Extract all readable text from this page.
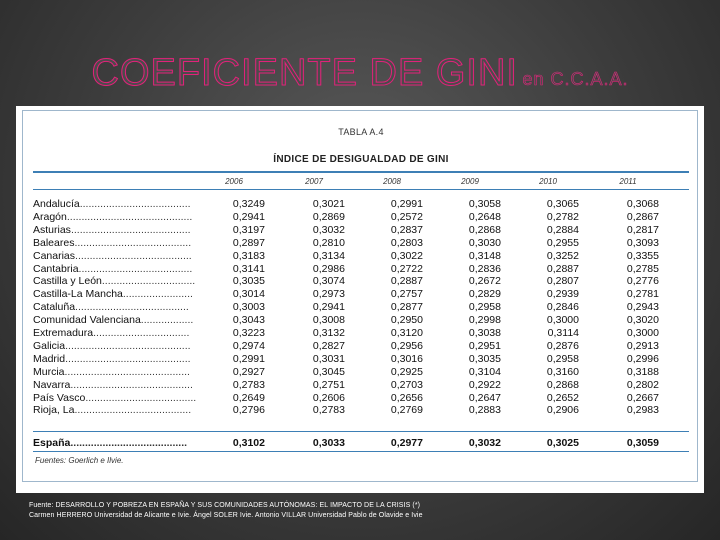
COEFICIENTE DE GINI en C.C.A.A.
TABLA A.4
ÍNDICE DE DESIGUALDAD DE GINI
2006	2007	2008	2009	2010	2011
Andalucía......................................	0,3249	0,3021	0,2991	0,3058	0,3065	0,3068
Aragón...........................................	0,2941	0,2869	0,2572	0,2648	0,2782	0,2867
Asturias.........................................	0,3197	0,3032	0,2837	0,2868	0,2884	0,2817
Baleares........................................	0,2897	0,2810	0,2803	0,3030	0,2955	0,3093
Canarias........................................	0,3183	0,3134	0,3022	0,3148	0,3252	0,3355
Cantabria.......................................	0,3141	0,2986	0,2722	0,2836	0,2887	0,2785
Castilla y León................................	0,3035	0,3074	0,2887	0,2672	0,2807	0,2776
Castilla-La Mancha........................	0,3014	0,2973	0,2757	0,2829	0,2939	0,2781
Cataluña.......................................	0,3003	0,2941	0,2877	0,2958	0,2846	0,2943
Comunidad Valenciana..................	0,3043	0,3008	0,2950	0,2998	0,3000	0,3020
Extremadura.................................	0,3223	0,3132	0,3120	0,3038	0,3114	0,3000
Galicia...........................................	0,2974	0,2827	0,2956	0,2951	0,2876	0,2913
Madrid...........................................	0,2991	0,3031	0,3016	0,3035	0,2958	0,2996
Murcia...........................................	0,2927	0,3045	0,2925	0,3104	0,3160	0,3188
Navarra..........................................	0,2783	0,2751	0,2703	0,2922	0,2868	0,2802
País Vasco......................................	0,2649	0,2606	0,2656	0,2647	0,2652	0,2667
Rioja, La........................................	0,2796	0,2783	0,2769	0,2883	0,2906	0,2983
España........................................	0,3102	0,3033	0,2977	0,3032	0,3025	0,3059
Fuentes: Goerlich e Ilvie.
Fuente: DESARROLLO Y POBREZA EN ESPAÑA Y SUS COMUNIDADES AUTÓNOMAS: EL IMPACTO DE LA CRISIS (*)
Carmen HERRERO Universidad de Alicante e Ivie. Ángel SOLER Ivie. Antonio VILLAR Universidad Pablo de Olavide e Ivie
